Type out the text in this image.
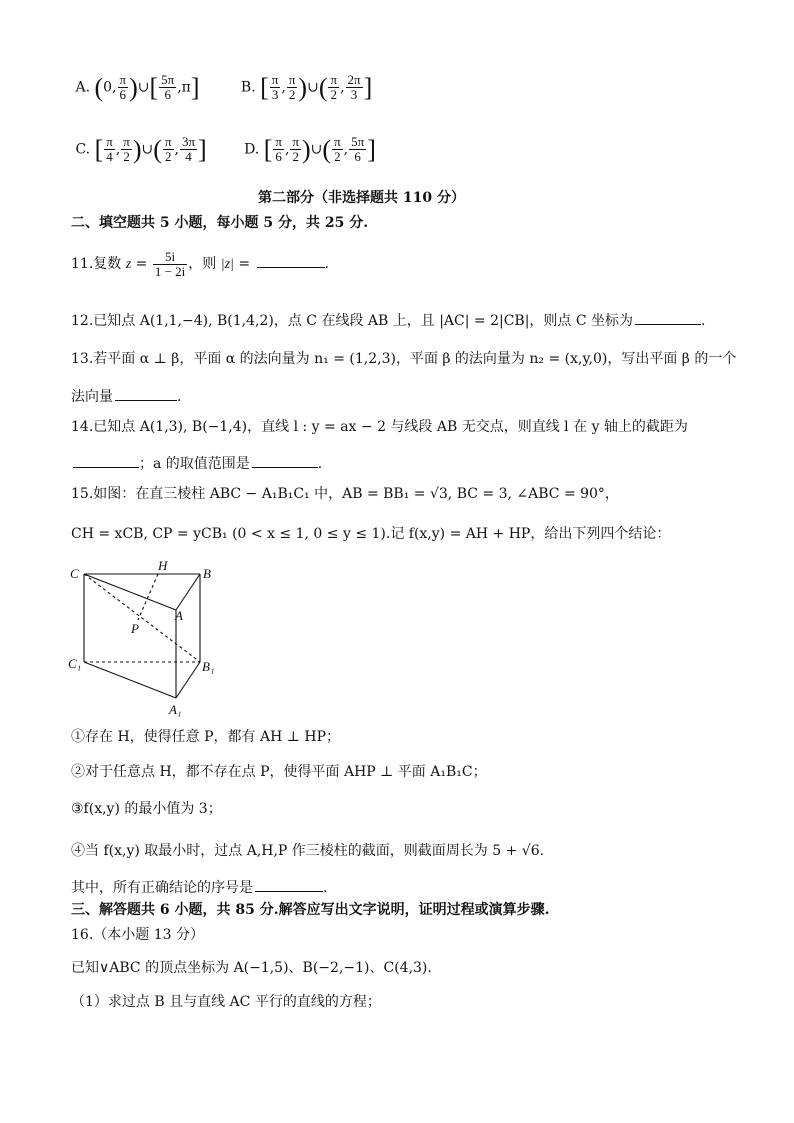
A. (0, $\frac{\pi}{6}$ )∪[ $\frac{5\pi}{6} ,\pi$]	B. [ $\frac{\pi}{3}$ , $\frac{\pi}{2}$ )∪( $\frac{\pi}{2}$ , $\frac{2\pi}{3}$ ]
C. [ $\frac{\pi}{4}$ , $\frac{\pi}{2}$ )∪( $\frac{\pi}{2}$ , $\frac{3\pi}{4}$ ]	D. [ $\frac{\pi}{6}$ , $\frac{\pi}{2}$ )∪( $\frac{\pi}{2}$ , $\frac{5\pi}{6}$ ]
第二部分（非选择题共 110 分）
二、填空题共 5 小题，每小题 5 分，共 25 分.
11.复数 $z = \frac{5i}{1 - 2i}$ ，则 |z| =	.
12.已知点 A(1,1,−4), B(1,4,2)，点 C 在线段 AB 上，且 |AC| = 2|CB|，则点 C 坐标为	.
13.若平面 α ⊥ β，平面 α 的法向量为 n₁ = (1,2,3)，平面 β 的法向量为 n₂ = (x,y,0)，写出平面 β 的一个
法向量	.
14.已知点 A(1,3), B(−1,4)，直线 l : y = ax − 2 与线段 AB 无交点，则直线 l 在 y 轴上的截距为
；a 的取值范围是	.
15.如图：在直三棱柱 ABC − A₁B₁C₁ 中，AB = BB₁ = √3, BC = 3, ∠ABC = 90°，
CH = xCB, CP = yCB₁ (0 < x ≤ 1, 0 ≤ y ≤ 1).记 f(x,y) = AH + HP，给出下列四个结论：
C
H
B
A
P
C₁	B₁
A₁
①存在 H，使得任意 P，都有 AH ⊥ HP；
②对于任意点 H，都不存在点 P，使得平面 AHP ⊥ 平面 A₁B₁C；
③f(x,y) 的最小值为 3；
④当 f(x,y) 取最小时，过点 A,H,P 作三棱柱的截面，则截面周长为 5 + √6.
其中，所有正确结论的序号是	.
三、解答题共 6 小题，共 85 分.解答应写出文字说明，证明过程或演算步骤.
16.（本小题 13 分）
已知∨ABC 的顶点坐标为 A(−1,5)、B(−2,−1)、C(4,3).
（1）求过点 B 且与直线 AC 平行的直线的方程；
